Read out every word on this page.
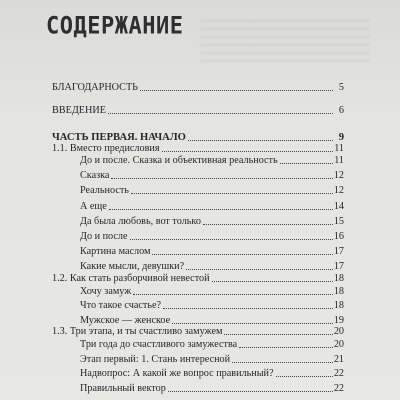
СОДЕРЖАНИЕ
БЛАГОДАРНОСТЬ	5
ВВЕДЕНИЕ	6
ЧАСТЬ ПЕРВАЯ. НАЧАЛО	9
1.1. Вместо предисловия	11
До и после. Сказка и объективная реальность	11
Сказка	12
Реальность	12
А еще	14
Да была любовь, вот только	15
До и после	16
Картина маслом	17
Какие мысли, девушки?	17
1.2. Как стать разборчивой невестой	18
Хочу замуж	18
Что такое счастье?	18
Мужское — женское	19
1.3. Три этапа, и ты счастливо замужем	20
Три года до счастливого замужества	20
Этап первый: 1. Стань интересной	21
Надвопрос: А какой же вопрос правильный?	22
Правильный вектор	22
